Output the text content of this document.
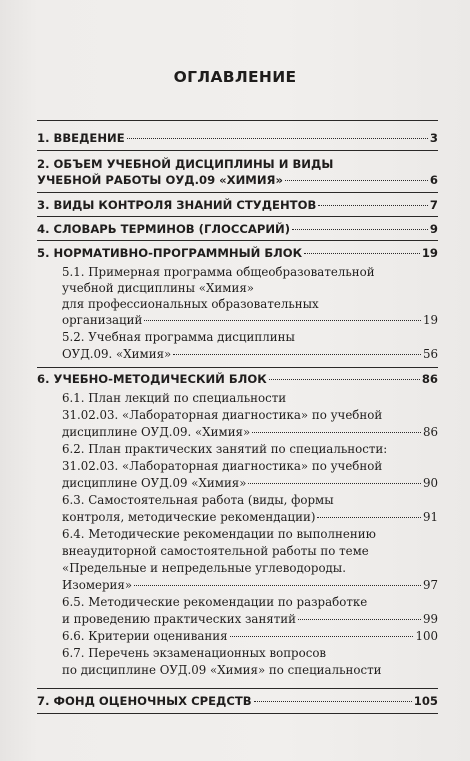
ОГЛАВЛЕНИЕ
1. ВВЕДЕНИЕ	3
2. ОБЪЕМ УЧЕБНОЙ ДИСЦИПЛИНЫ И ВИДЫ
УЧЕБНОЙ РАБОТЫ ОУД.09 «ХИМИЯ»	6
3. ВИДЫ КОНТРОЛЯ ЗНАНИЙ СТУДЕНТОВ	7
4. СЛОВАРЬ ТЕРМИНОВ (ГЛОССАРИЙ)	9
5. НОРМАТИВНО-ПРОГРАММНЫЙ БЛОК	19
5.1. Примерная программа общеобразовательной
учебной дисциплины «Химия»
для профессиональных образовательных
организаций	19
5.2. Учебная программа дисциплины
ОУД.09. «Химия»	56
6. УЧЕБНО-МЕТОДИЧЕСКИЙ БЛОК	86
6.1. План лекций по специальности
31.02.03. «Лабораторная диагностика» по учебной
дисциплине ОУД.09. «Химия»	86
6.2. План практических занятий по специальности:
31.02.03. «Лабораторная диагностика» по учебной
дисциплине ОУД.09 «Химия»	90
6.3. Самостоятельная работа (виды, формы
контроля, методические рекомендации)	91
6.4. Методические рекомендации по выполнению
внеаудиторной самостоятельной работы по теме
«Предельные и непредельные углеводороды.
Изомерия»	97
6.5. Методические рекомендации по разработке
и проведению практических занятий	99
6.6. Критерии оценивания	100
6.7. Перечень экзаменационных вопросов
по дисциплине ОУД.09 «Химия» по специальности
7. ФОНД ОЦЕНОЧНЫХ СРЕДСТВ	105
